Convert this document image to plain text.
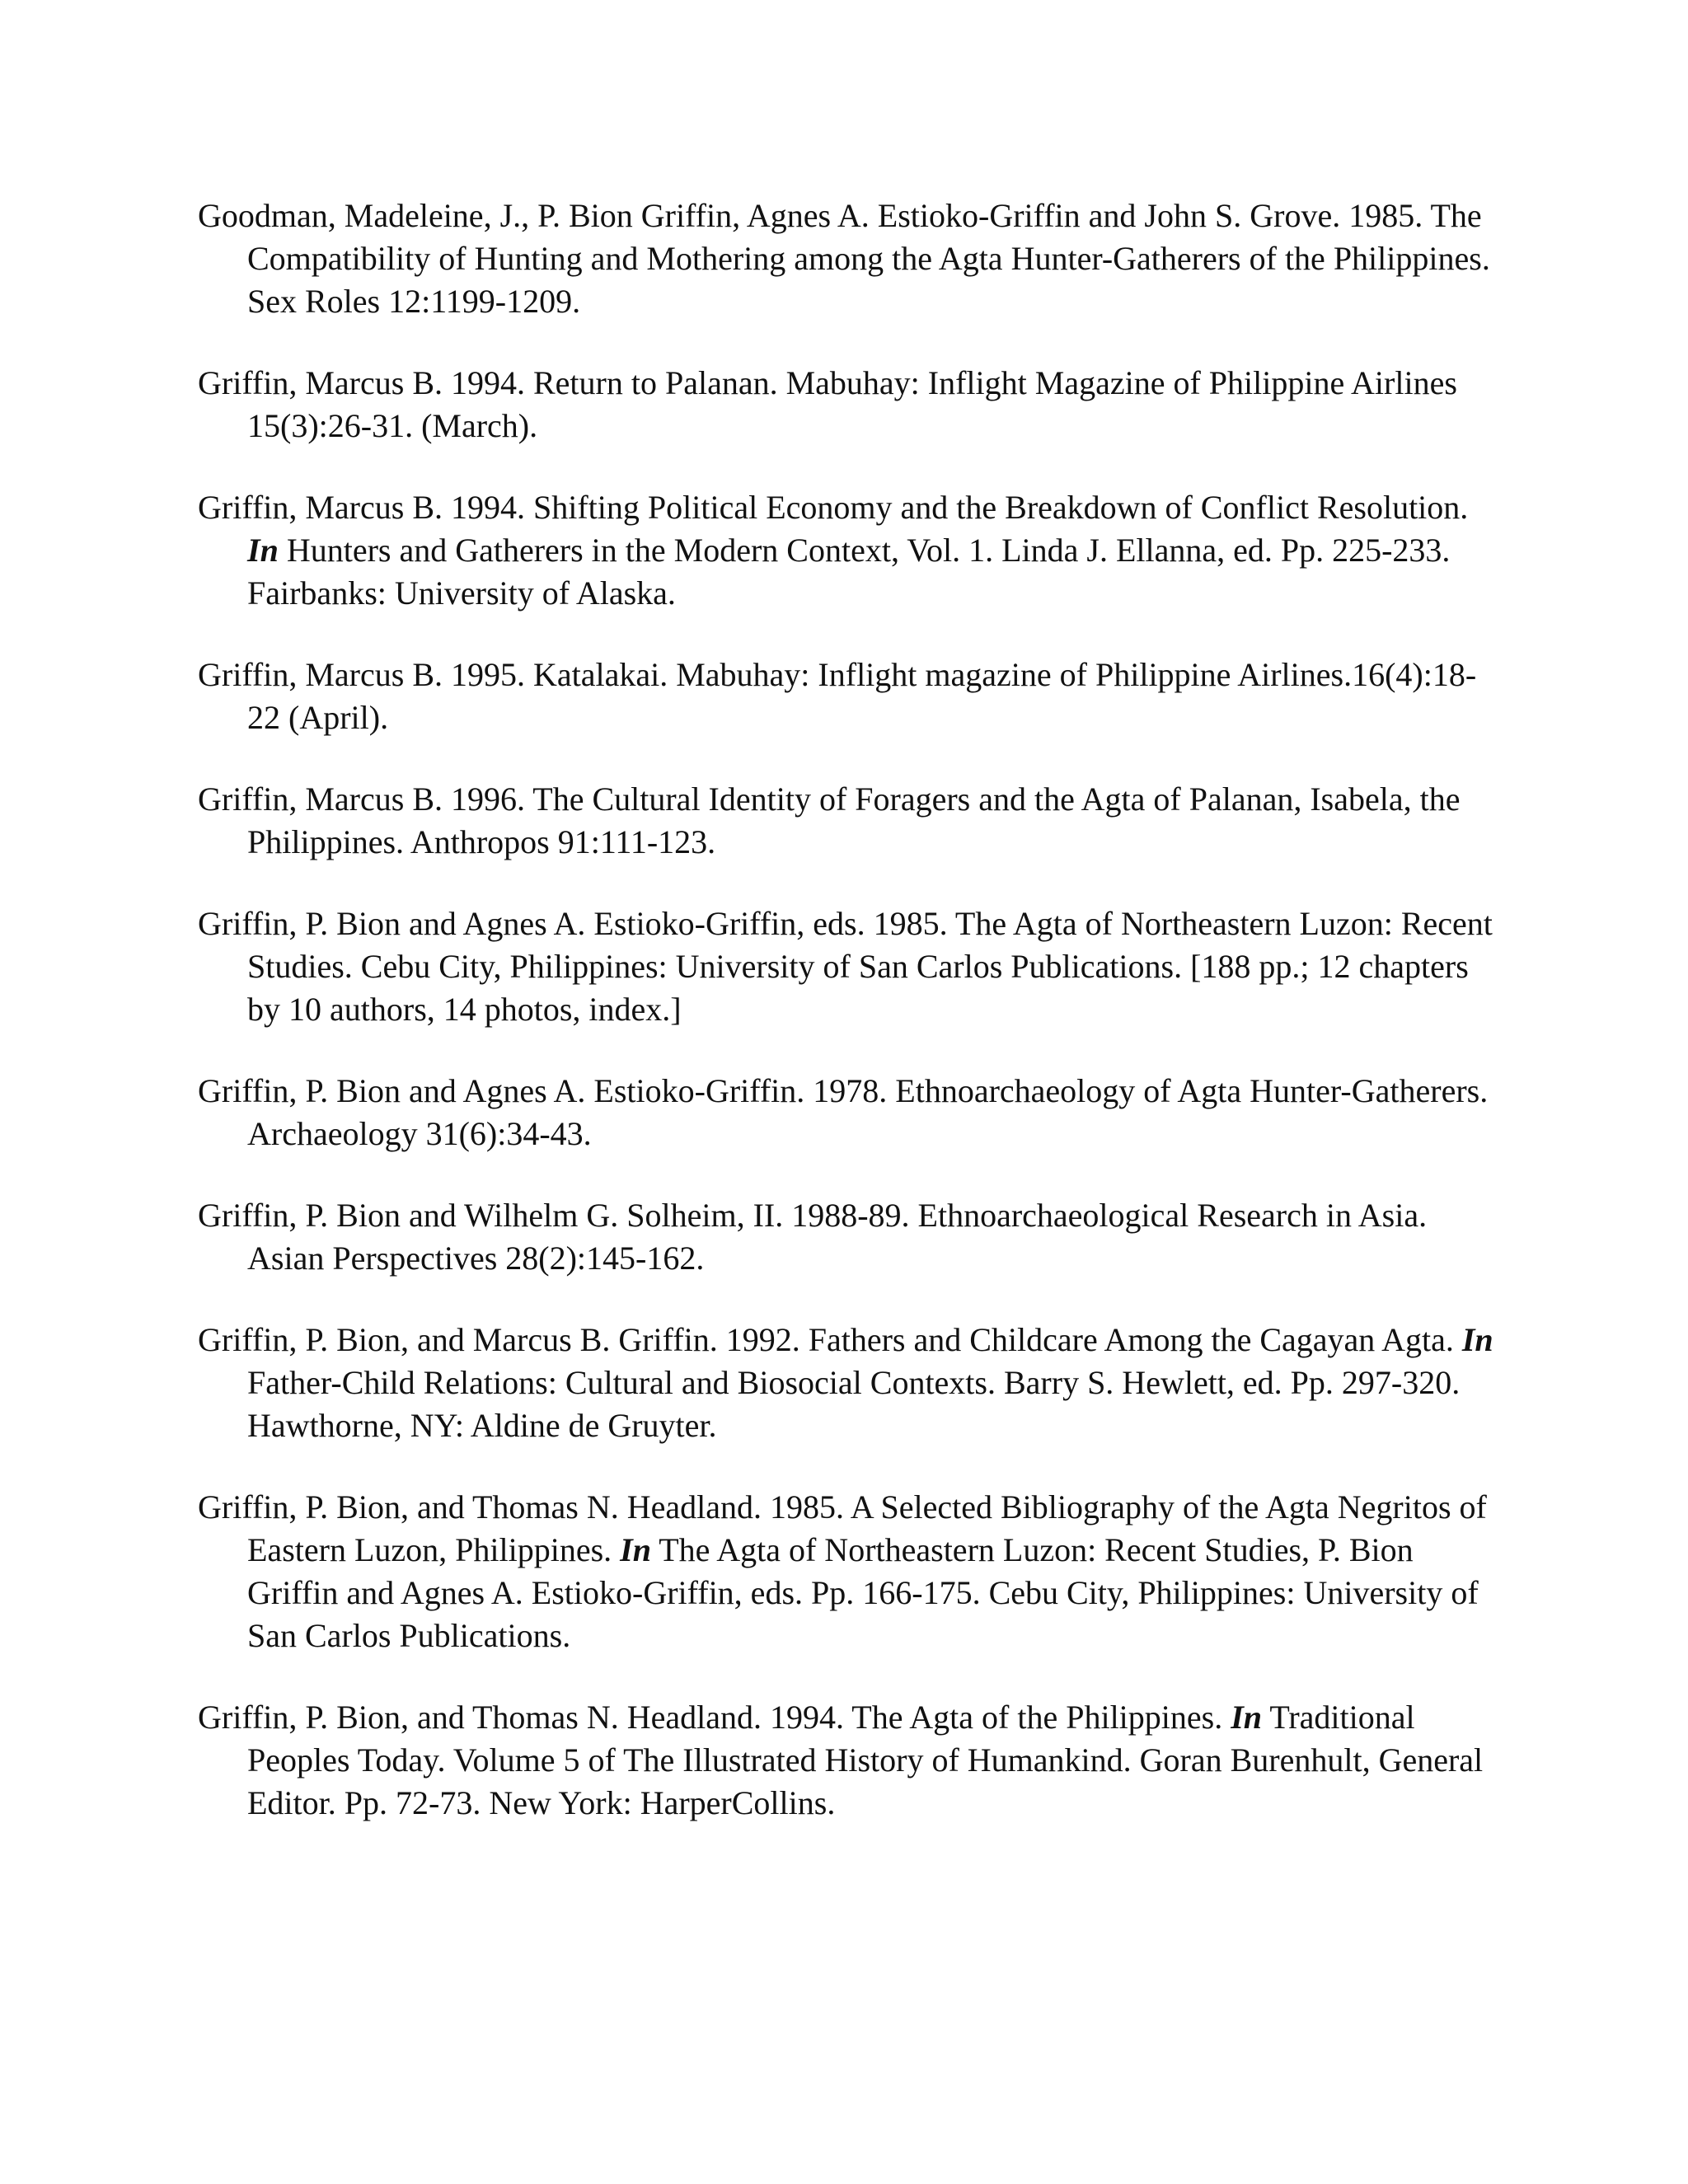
Goodman, Madeleine, J., P. Bion Griffin, Agnes A. Estioko-Griffin and John S. Grove. 1985. The Compatibility of Hunting and Mothering among the Agta Hunter-Gatherers of the Philippines. Sex Roles 12:1199-1209.

Griffin, Marcus B. 1994. Return to Palanan. Mabuhay: Inflight Magazine of Philippine Airlines 15(3):26-31. (March).

Griffin, Marcus B. 1994. Shifting Political Economy and the Breakdown of Conflict Resolution. In Hunters and Gatherers in the Modern Context, Vol. 1. Linda J. Ellanna, ed. Pp. 225-233. Fairbanks: University of Alaska.

Griffin, Marcus B. 1995. Katalakai. Mabuhay: Inflight magazine of Philippine Airlines.16(4):18-22 (April).

Griffin, Marcus B. 1996. The Cultural Identity of Foragers and the Agta of Palanan, Isabela, the Philippines. Anthropos 91:111-123.

Griffin, P. Bion and Agnes A. Estioko-Griffin, eds. 1985. The Agta of Northeastern Luzon: Recent Studies. Cebu City, Philippines: University of San Carlos Publications. [188 pp.; 12 chapters by 10 authors, 14 photos, index.]

Griffin, P. Bion and Agnes A. Estioko-Griffin. 1978. Ethnoarchaeology of Agta Hunter-Gatherers. Archaeology 31(6):34-43.

Griffin, P. Bion and Wilhelm G. Solheim, II. 1988-89. Ethnoarchaeological Research in Asia. Asian Perspectives 28(2):145-162.

Griffin, P. Bion, and Marcus B. Griffin. 1992. Fathers and Childcare Among the Cagayan Agta. In Father-Child Relations: Cultural and Biosocial Contexts. Barry S. Hewlett, ed. Pp. 297-320. Hawthorne, NY: Aldine de Gruyter.

Griffin, P. Bion, and Thomas N. Headland. 1985. A Selected Bibliography of the Agta Negritos of Eastern Luzon, Philippines. In The Agta of Northeastern Luzon: Recent Studies, P. Bion Griffin and Agnes A. Estioko-Griffin, eds. Pp. 166-175. Cebu City, Philippines: University of San Carlos Publications.

Griffin, P. Bion, and Thomas N. Headland. 1994. The Agta of the Philippines. In Traditional Peoples Today. Volume 5 of The Illustrated History of Humankind. Goran Burenhult, General Editor. Pp. 72-73. New York: HarperCollins.
